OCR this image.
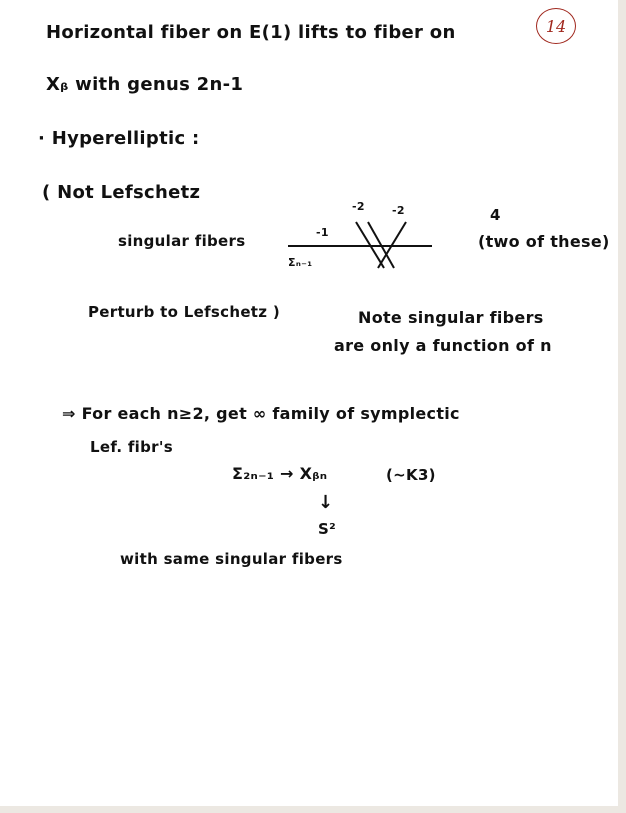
14
Horizontal fiber on E(1) lifts to fiber on
Xᵦ with genus 2n-1
· Hyperelliptic :
( Not Lefschetz
singular fibers
-2 -2
-1
Σₙ₋₁
4
(two of these)
Perturb to Lefschetz )	Note singular fibers
are only a function of n
⇒ For each n≥2, get ∞ family of symplectic
Lef. fibr's
Σ₂ₙ₋₁ → Xᵦₙ	(~K3)
↓
S²
with same singular fibers
